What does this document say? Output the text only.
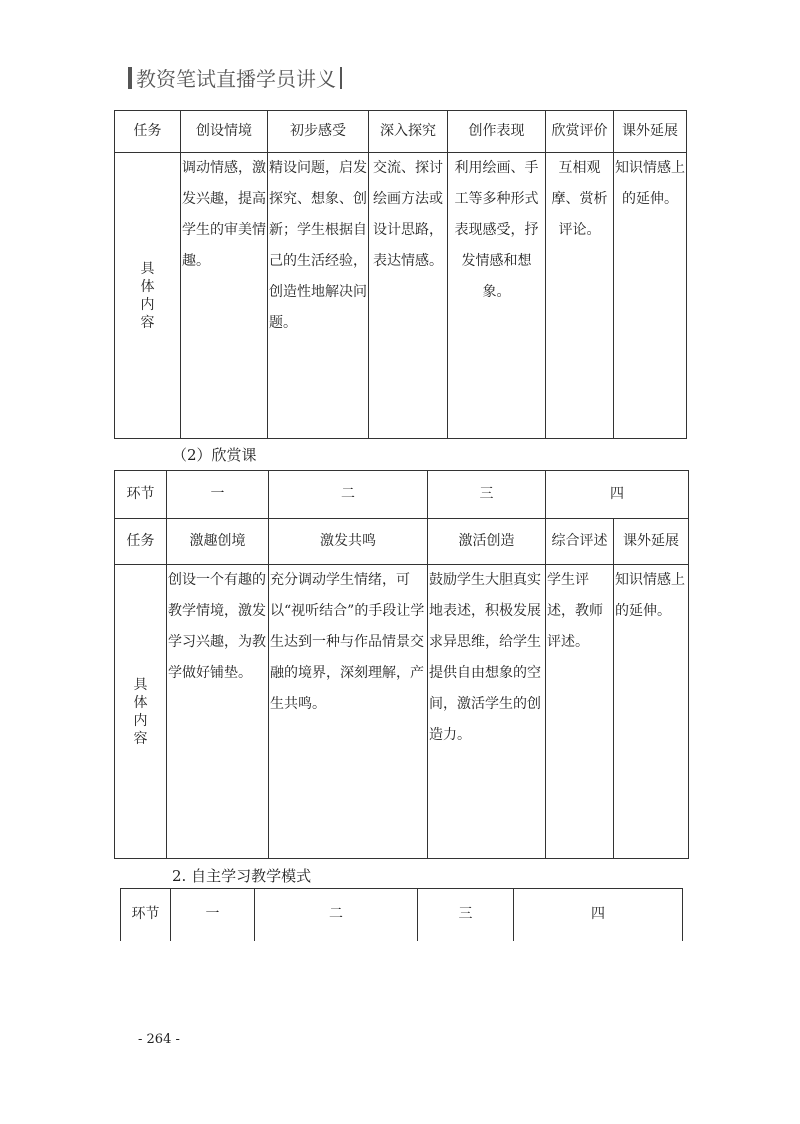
教资笔试直播学员讲义
任务	创设情境	初步感受	深入探究	创作表现	欣赏评价	课外延展

具体内容	调动情感，激发兴趣，提高学生的审美情趣。	精设问题，启发探究、想象、创 新；学生根据自己的生活经验，创造性地解决问题。	交流、探讨绘画方法或设计思路，表达情感。	利用绘画、手工等多种形式表现感受，抒发情感和想象。	互相观摩、赏析评论。	知识情感上的延伸。
（2）欣赏课
环节	一	二	三	四	
任务	激趣创境	激发共鸣	激活创造	综合评述	课外延展

具体内容	创设一个有趣的教学情境，激发学习兴趣，为教学做好铺垫。	充分调动学生情绪，可以“视听结合”的手段让学生达到一种与作品情景交融的境界，深刻理解，产生共鸣。	鼓励学生大胆真实地表述，积极发展求异思维，给学生提供自由想象的空间，激活学生的创造力。	学生评述，教师评述。	知识情感上的延伸。
2. 自主学习教学模式
环节	一	二	三	四
- 264 -
